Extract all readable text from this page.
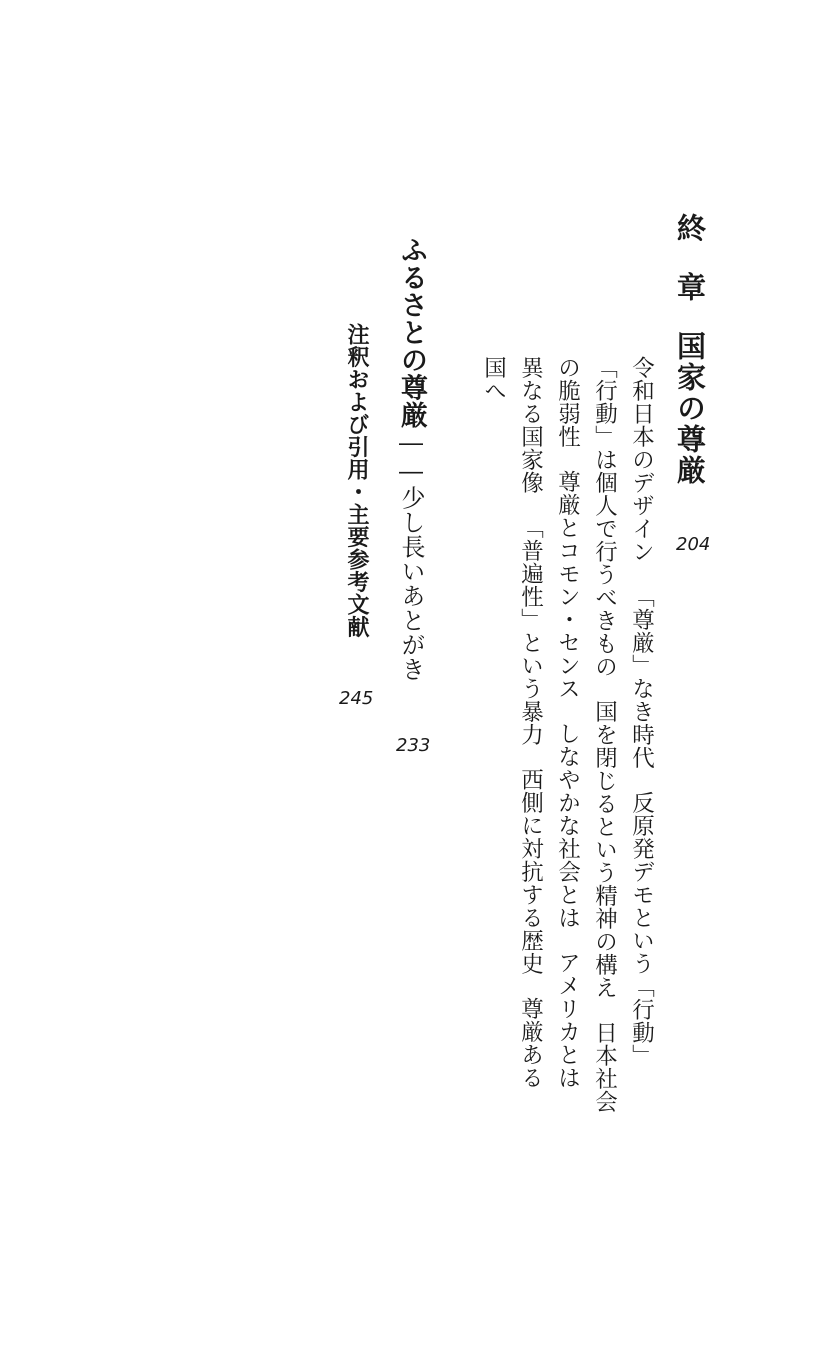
終章国家の尊厳
204
令和日本のデザイン「尊厳」なき時代反原発デモという「行動」
「行動」は個人で行うべきもの国を閉じるという精神の構え日本社会
の脆弱性尊厳とコモン・センスしなやかな社会とはアメリカとは
異なる国家像「普遍性」という暴力西側に対抗する歴史尊厳ある
国へ
ふるさとの尊厳――少し長いあとがき
233
注釈および引用・主要参考文献
245
